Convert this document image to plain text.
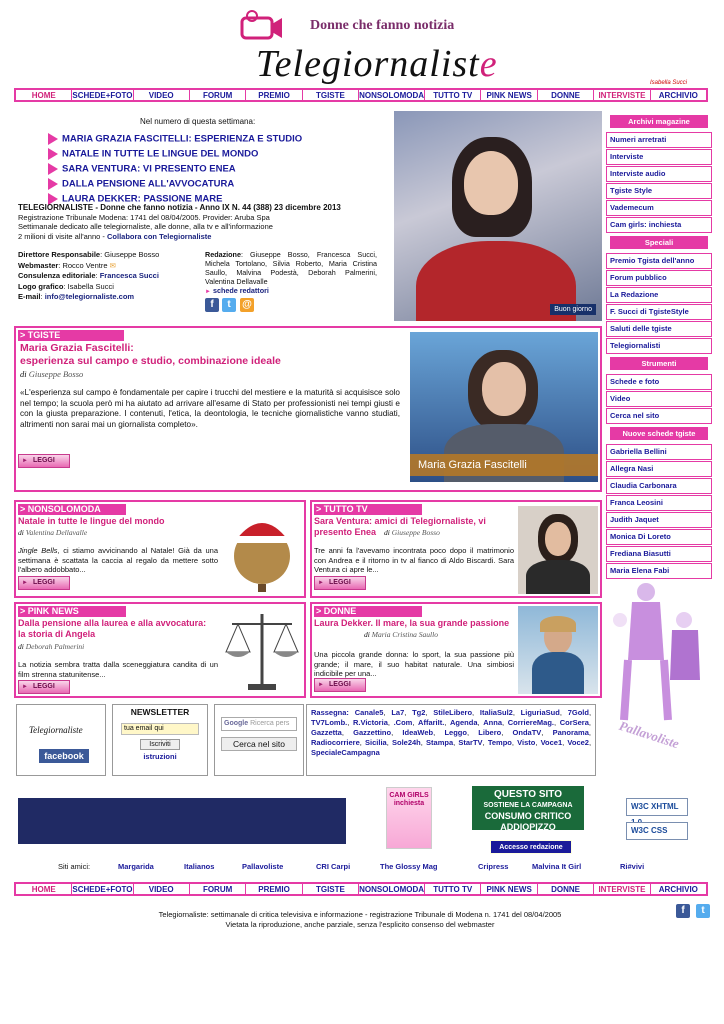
Donne che fanno notizia
Telegiornaliste	Isabella Succi
HOME	SCHEDE+FOTO	VIDEO	FORUM	PREMIO	TGISTE	NONSOLOMODA	TUTTO TV	PINK NEWS	DONNE	INTERVISTE	ARCHIVIO
Nel numero di questa settimana:
MARIA GRAZIA FASCITELLI: ESPERIENZA E STUDIO
NATALE IN TUTTE LE LINGUE DEL MONDO
SARA VENTURA: VI PRESENTO ENEA
DALLA PENSIONE ALL'AVVOCATURA
LAURA DEKKER: PASSIONE MARE
TELEGIORNALISTE - Donne che fanno notizia - Anno IX N. 44 (388) 23 dicembre 2013
Registrazione Tribunale Modena: 1741 del 08/04/2005. Provider: Aruba Spa
Settimanale dedicato alle telegiornaliste, alle donne, alla tv e all'informazione
2 milioni di visite all'anno - Collabora con Telegiornaliste
Direttore Responsabile: Giuseppe Bosso
Webmaster: Rocco Ventre ✉
Consulenza editoriale: Francesca Succi
Logo grafico: Isabella Succi
E-mail: info@telegiornaliste.com
Redazione: Giuseppe Bosso, Francesca Succi, Michela Tortolano, Silvia Roberto, Maria Cristina Saullo, Malvina Podestà, Deborah Palmerini, Valentina Dellavalle
► schede redattori
f	t	@	Buon giorno
Archivi magazine
Numeri arretrati
Interviste
Interviste audio
Tgiste Style
Vademecum
Cam girls: inchiesta
Speciali
Premio Tgista dell'anno
Forum pubblico
La Redazione
F. Succi di TgisteStyle
Saluti delle tgiste
Telegiornalisti
Strumenti
Schede e foto
Video
Cerca nel sito
Nuove schede tgiste
Gabriella Bellini
Allegra Nasi
Claudia Carbonara
Franca Leosini
Judith Jaquet
Monica Di Loreto
Frediana Biasutti
Maria Elena Fabi
Pallavoliste
> TGISTE
Maria Grazia Fascitelli:
esperienza sul campo e studio, combinazione ideale
di Giuseppe Bosso
«L'esperienza sul campo è fondamentale per capire i trucchi del mestiere e la maturità si acquisisce solo nel tempo; la scuola però mi ha aiutato ad arrivare all'esame di Stato per professionisti nei tempi giusti e con la giusta preparazione. I contenuti, l'etica, la deontologia, le tecniche giornalistiche vanno studiati, altrimenti non sarai mai un giornalista completo».
► LEGGI	Maria Grazia Fascitelli
> NONSOLOMODA
Natale in tutte le lingue del mondo
di Valentina Dellavalle
Jingle Bells, ci stiamo avvicinando al Natale! Già da una settimana è scattata la caccia al regalo da mettere sotto l'albero addobbato...
► LEGGI
> TUTTO TV
Sara Ventura: amici di Telegiornaliste, vi presento Enea	di Giuseppe Bosso
Tre anni fa l'avevamo incontrata poco dopo il matrimonio con Andrea e il ritorno in tv al fianco di Aldo Biscardi. Sara Ventura ci apre le...
► LEGGI
> PINK NEWS
Dalla pensione alla laurea e alla avvocatura: la storia di Angela
di Deborah Palmerini
La notizia sembra tratta dalla sceneggiatura candita di un film strenna statunitense...
► LEGGI
> DONNE
Laura Dekker. Il mare, la sua grande passione
di Maria Cristina Saullo
Una piccola grande donna: lo sport, la sua passione più grande; il mare, il suo habitat naturale. Una simbiosi indicibile per una...
► LEGGI
Telegiornaliste
facebook
NEWSLETTER
tua email qui
Iscriviti
istruzioni
Google Ricerca pers
Cerca nel sito
Rassegna: Canale5, La7, Tg2, StileLibero, ItaliaSul2, LiguriaSud, 7Gold, TV7Lomb., R.Victoria, .Com, AffariIt., Agenda, Anna, CorriereMag., CorSera, Gazzetta, Gazzettino, IdeaWeb, Leggo, Libero, OndaTV, Panorama, Radiocorriere, Sicilia, Sole24h, Stampa, StarTV, Tempo, Visto, Voce1, Voce2, SpecialeCampagna
CAM GIRLS inchiesta
QUESTO SITO
SOSTIENE LA CAMPAGNA
CONSUMO CRITICO
ADDIOPIZZO
Accesso redazione
W3C XHTML
W3C CSS
Siti amici:	Margarida	Italianos	Pallavoliste	CRI Carpi	The Glossy Mag	Cripress	Malvina It Girl	Ri#vivi
HOME	SCHEDE+FOTO	VIDEO	FORUM	PREMIO	TGISTE	NONSOLOMODA	TUTTO TV	PINK NEWS	DONNE	INTERVISTE	ARCHIVIO
Telegiornaliste: settimanale di critica televisiva e informazione - registrazione Tribunale di Modena n. 1741 del 08/04/2005
Vietata la riproduzione, anche parziale, senza l'esplicito consenso del webmaster
f	t
